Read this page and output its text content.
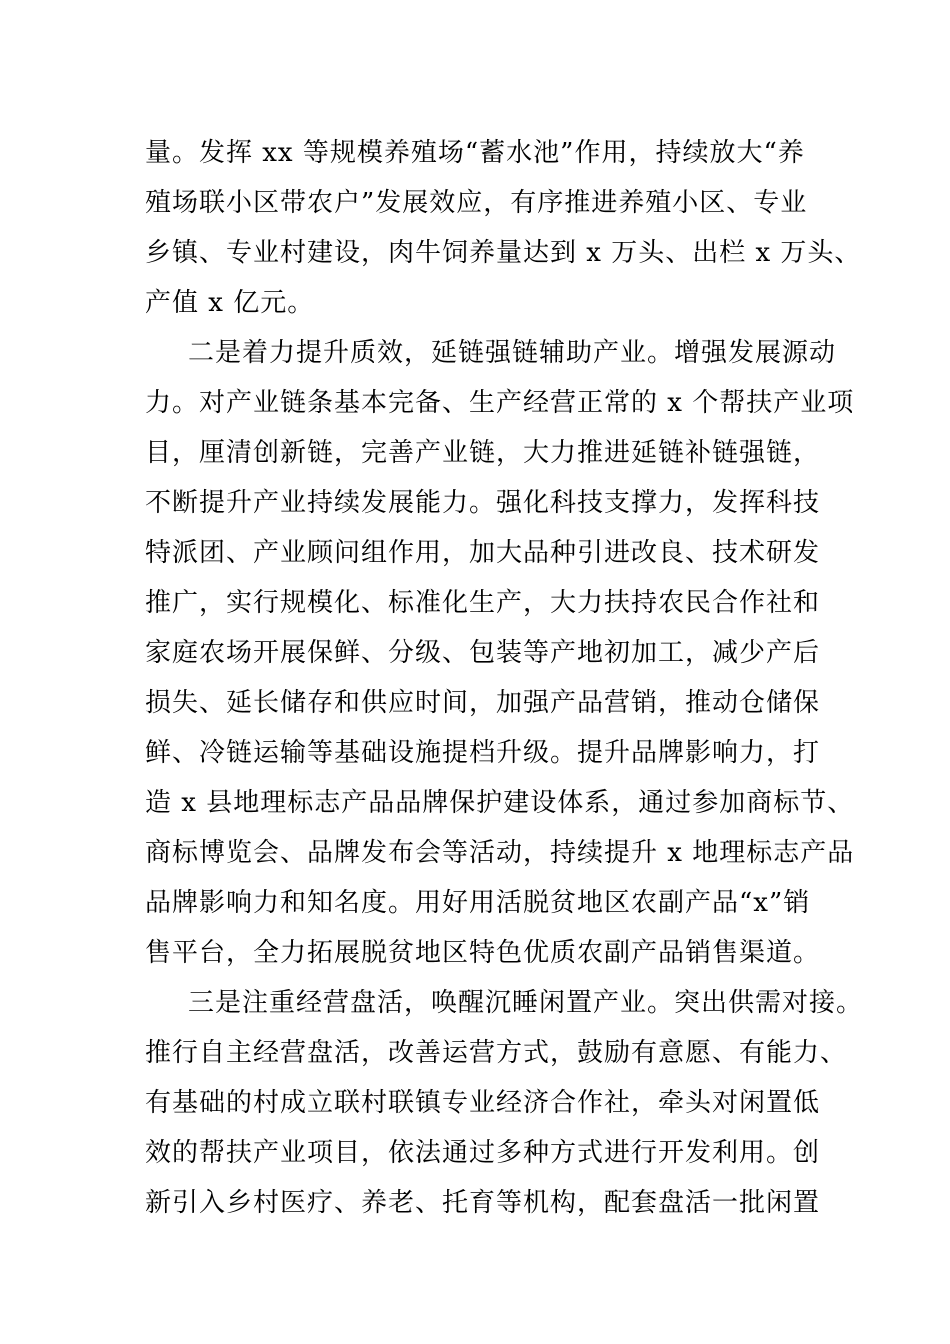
量。发挥 xx 等规模养殖场“蓄水池”作用，持续放大“养
殖场联小区带农户”发展效应，有序推进养殖小区、专业
乡镇、专业村建设，肉牛饲养量达到 x 万头、出栏 x 万头、
产值 x 亿元。
二是着力提升质效，延链强链辅助产业。增强发展源动
力。对产业链条基本完备、生产经营正常的 x 个帮扶产业项
目，厘清创新链，完善产业链，大力推进延链补链强链，
不断提升产业持续发展能力。强化科技支撑力，发挥科技
特派团、产业顾问组作用，加大品种引进改良、技术研发
推广，实行规模化、标准化生产，大力扶持农民合作社和
家庭农场开展保鲜、分级、包装等产地初加工，减少产后
损失、延长储存和供应时间，加强产品营销，推动仓储保
鲜、冷链运输等基础设施提档升级。提升品牌影响力，打
造 x 县地理标志产品品牌保护建设体系，通过参加商标节、
商标博览会、品牌发布会等活动，持续提升 x 地理标志产品
品牌影响力和知名度。用好用活脱贫地区农副产品“x”销
售平台，全力拓展脱贫地区特色优质农副产品销售渠道。
三是注重经营盘活，唤醒沉睡闲置产业。突出供需对接。
推行自主经营盘活，改善运营方式，鼓励有意愿、有能力、
有基础的村成立联村联镇专业经济合作社，牵头对闲置低
效的帮扶产业项目，依法通过多种方式进行开发利用。创
新引入乡村医疗、养老、托育等机构，配套盘活一批闲置
